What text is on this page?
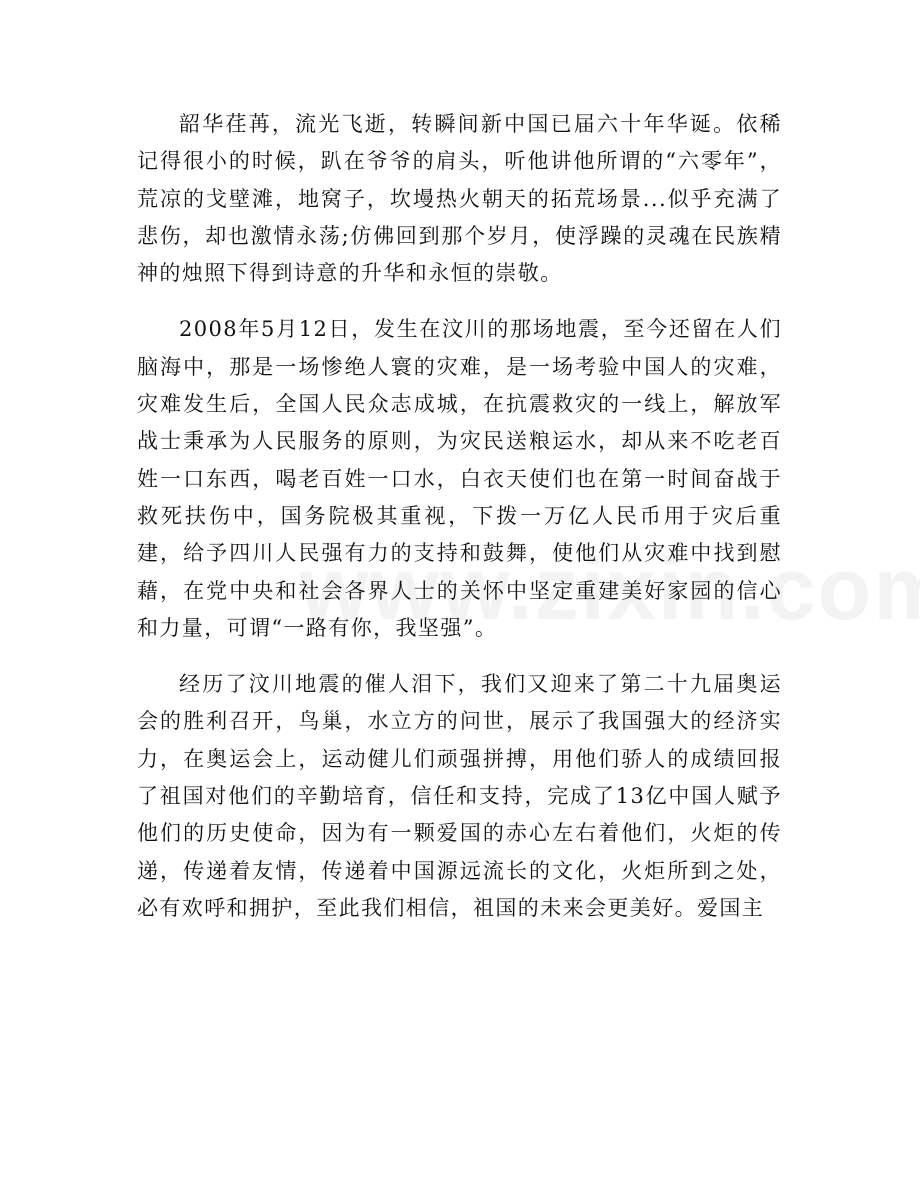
韶华荏苒，流光飞逝，转瞬间新中国已届六十年华诞。依稀记得很小的时候，趴在爷爷的肩头，听他讲他所谓的“六零年”，荒凉的戈壁滩，地窝子，坎墁热火朝天的拓荒场景...似乎充满了悲伤，却也激情永荡;仿佛回到那个岁月，使浮躁的灵魂在民族精神的烛照下得到诗意的升华和永恒的崇敬。

2008年5月12日，发生在汶川的那场地震，至今还留在人们脑海中，那是一场惨绝人寰的灾难，是一场考验中国人的灾难，灾难发生后，全国人民众志成城，在抗震救灾的一线上，解放军战士秉承为人民服务的原则，为灾民送粮运水，却从来不吃老百姓一口东西，喝老百姓一口水，白衣天使们也在第一时间奋战于救死扶伤中，国务院极其重视，下拨一万亿人民币用于灾后重建，给予四川人民强有力的支持和鼓舞，使他们从灾难中找到慰藉，在党中央和社会各界人士的关怀中坚定重建美好家园的信心和力量，可谓“一路有你，我坚强”。

经历了汶川地震的催人泪下，我们又迎来了第二十九届奥运会的胜利召开，鸟巢，水立方的问世，展示了我国强大的经济实力，在奥运会上，运动健儿们顽强拼搏，用他们骄人的成绩回报了祖国对他们的辛勤培育，信任和支持，完成了13亿中国人赋予他们的历史使命，因为有一颗爱国的赤心左右着他们，火炬的传递，传递着友情，传递着中国源远流长的文化，火炬所到之处，必有欢呼和拥护，至此我们相信，祖国的未来会更美好。爱国主
